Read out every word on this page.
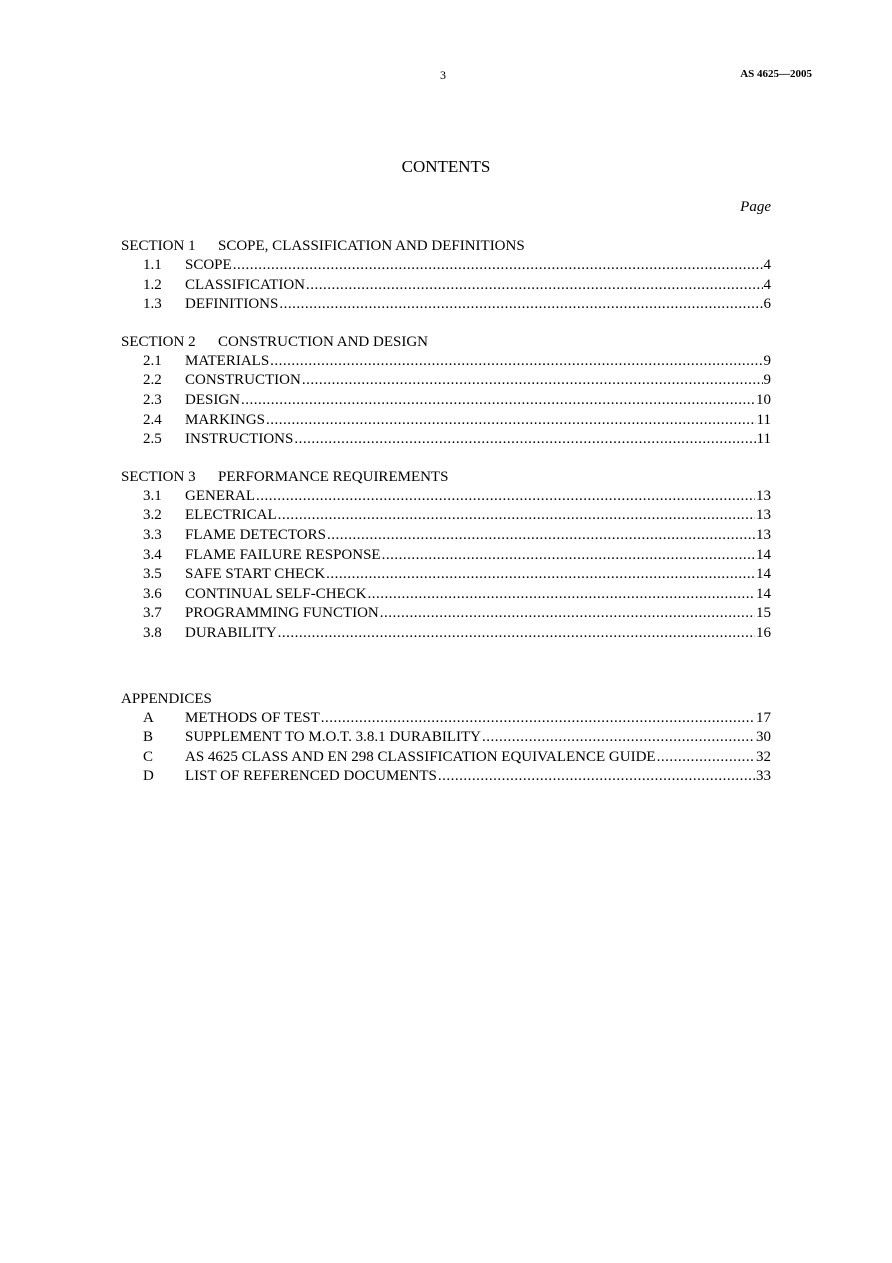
3	AS 4625—2005
CONTENTS
Page
SECTION 1 SCOPE, CLASSIFICATION AND DEFINITIONS
1.1	SCOPE .....	4
1.2	CLASSIFICATION .....	4
1.3	DEFINITIONS .....	6
SECTION 2 CONSTRUCTION AND DESIGN
2.1	MATERIALS .....	9
2.2	CONSTRUCTION .....	9
2.3	DESIGN .....	10
2.4	MARKINGS .....	11
2.5	INSTRUCTIONS .....	11
SECTION 3 PERFORMANCE REQUIREMENTS
3.1	GENERAL .....	13
3.2	ELECTRICAL .....	13
3.3	FLAME DETECTORS .....	13
3.4	FLAME FAILURE RESPONSE .....	14
3.5	SAFE START CHECK .....	14
3.6	CONTINUAL SELF-CHECK .....	14
3.7	PROGRAMMING FUNCTION .....	15
3.8	DURABILITY .....	16
APPENDICES
A	METHODS OF TEST .....	17
B	SUPPLEMENT TO M.O.T. 3.8.1 DURABILITY .....	30
C	AS 4625 CLASS AND EN 298 CLASSIFICATION EQUIVALENCE GUIDE .....	32
D	LIST OF REFERENCED DOCUMENTS .....	33
